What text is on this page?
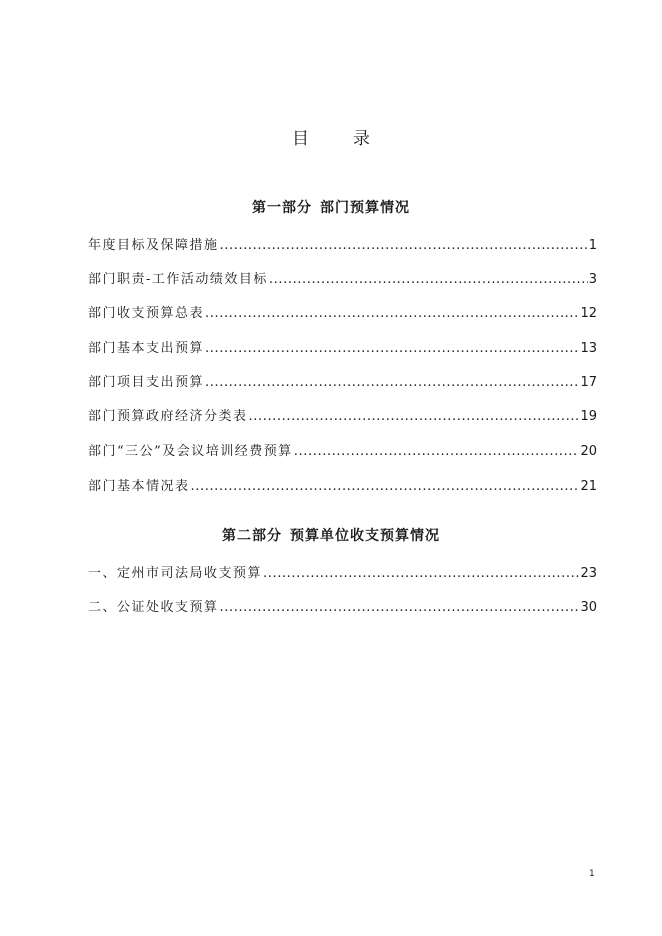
目录
第一部分 部门预算情况
年度目标及保障措施 .....	1
部门职责-工作活动绩效目标 .....	3
部门收支预算总表 .....	12
部门基本支出预算 .....	13
部门项目支出预算 .....	17
部门预算政府经济分类表 .....	19
部门“三公”及会议培训经费预算 .....	20
部门基本情况表 .....	21
第二部分 预算单位收支预算情况
一、定州市司法局收支预算 .....	23
二、公证处收支预算 .....	30
1
